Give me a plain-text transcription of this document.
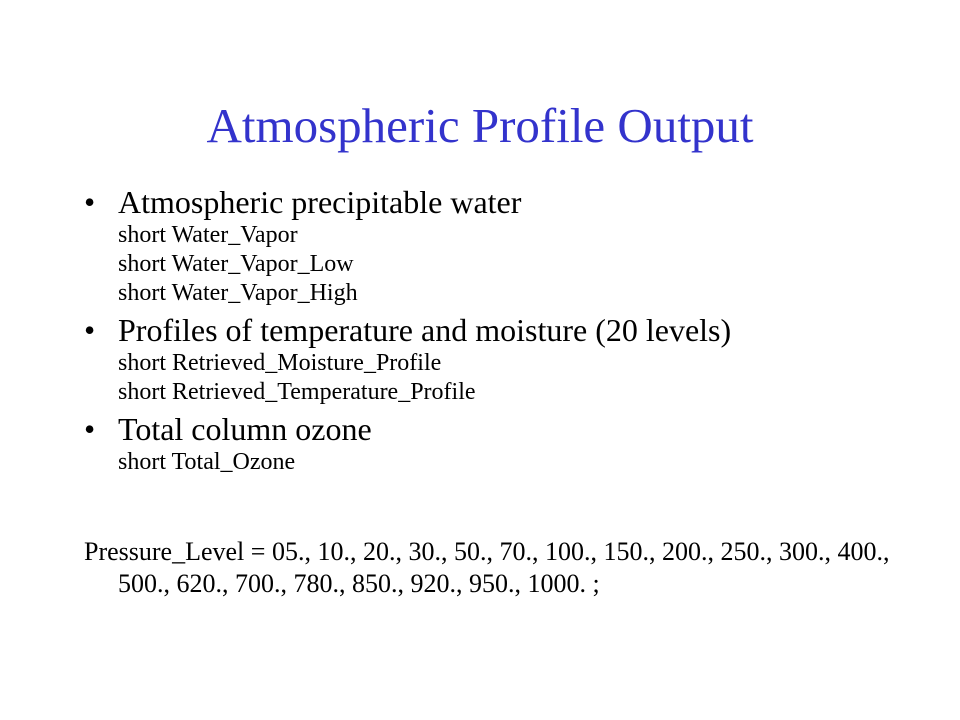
Atmospheric Profile Output
• Atmospheric precipitable water
short Water_Vapor
short Water_Vapor_Low
short Water_Vapor_High
• Profiles of temperature and moisture (20 levels)
short Retrieved_Moisture_Profile
short Retrieved_Temperature_Profile
• Total column ozone
short Total_Ozone
Pressure_Level = 05., 10., 20., 30., 50., 70., 100., 150., 200., 250., 300., 400., 500., 620., 700., 780., 850., 920., 950., 1000. ;
